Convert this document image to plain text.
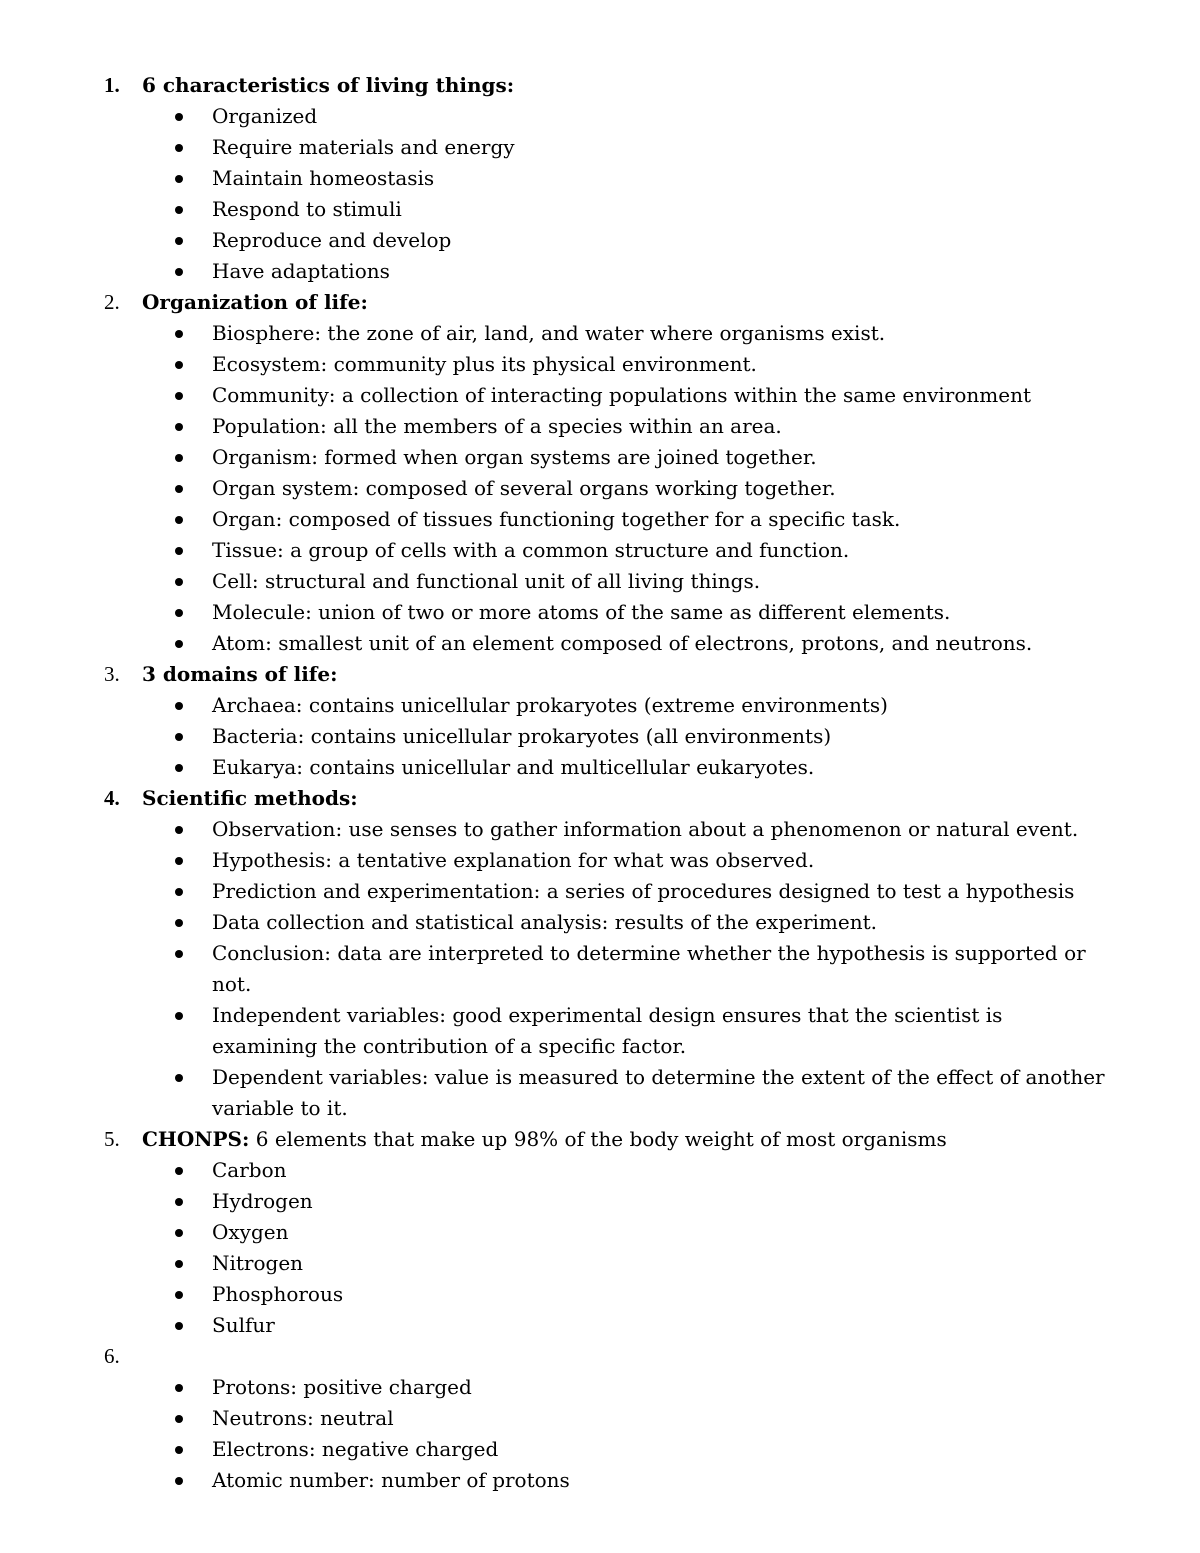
1.	6 characteristics of living things:
Organized
Require materials and energy
Maintain homeostasis
Respond to stimuli
Reproduce and develop
Have adaptations
2.	Organization of life:
Biosphere: the zone of air, land, and water where organisms exist.
Ecosystem: community plus its physical environment.
Community: a collection of interacting populations within the same environment
Population: all the members of a species within an area.
Organism: formed when organ systems are joined together.
Organ system: composed of several organs working together.
Organ: composed of tissues functioning together for a specific task.
Tissue: a group of cells with a common structure and function.
Cell: structural and functional unit of all living things.
Molecule: union of two or more atoms of the same as different elements.
Atom: smallest unit of an element composed of electrons, protons, and neutrons.
3.	3 domains of life:
Archaea: contains unicellular prokaryotes (extreme environments)
Bacteria: contains unicellular prokaryotes (all environments)
Eukarya: contains unicellular and multicellular eukaryotes.
4.	Scientific methods:
Observation: use senses to gather information about a phenomenon or natural event.
Hypothesis: a tentative explanation for what was observed.
Prediction and experimentation: a series of procedures designed to test a hypothesis
Data collection and statistical analysis: results of the experiment.
Conclusion: data are interpreted to determine whether the hypothesis is supported or not.
Independent variables: good experimental design ensures that the scientist is examining the contribution of a specific factor.
Dependent variables: value is measured to determine the extent of the effect of another variable to it.
5.	CHONPS: 6 elements that make up 98% of the body weight of most organisms
Carbon
Hydrogen
Oxygen
Nitrogen
Phosphorous
Sulfur
6.
Protons: positive charged
Neutrons: neutral
Electrons: negative charged
Atomic number: number of protons
